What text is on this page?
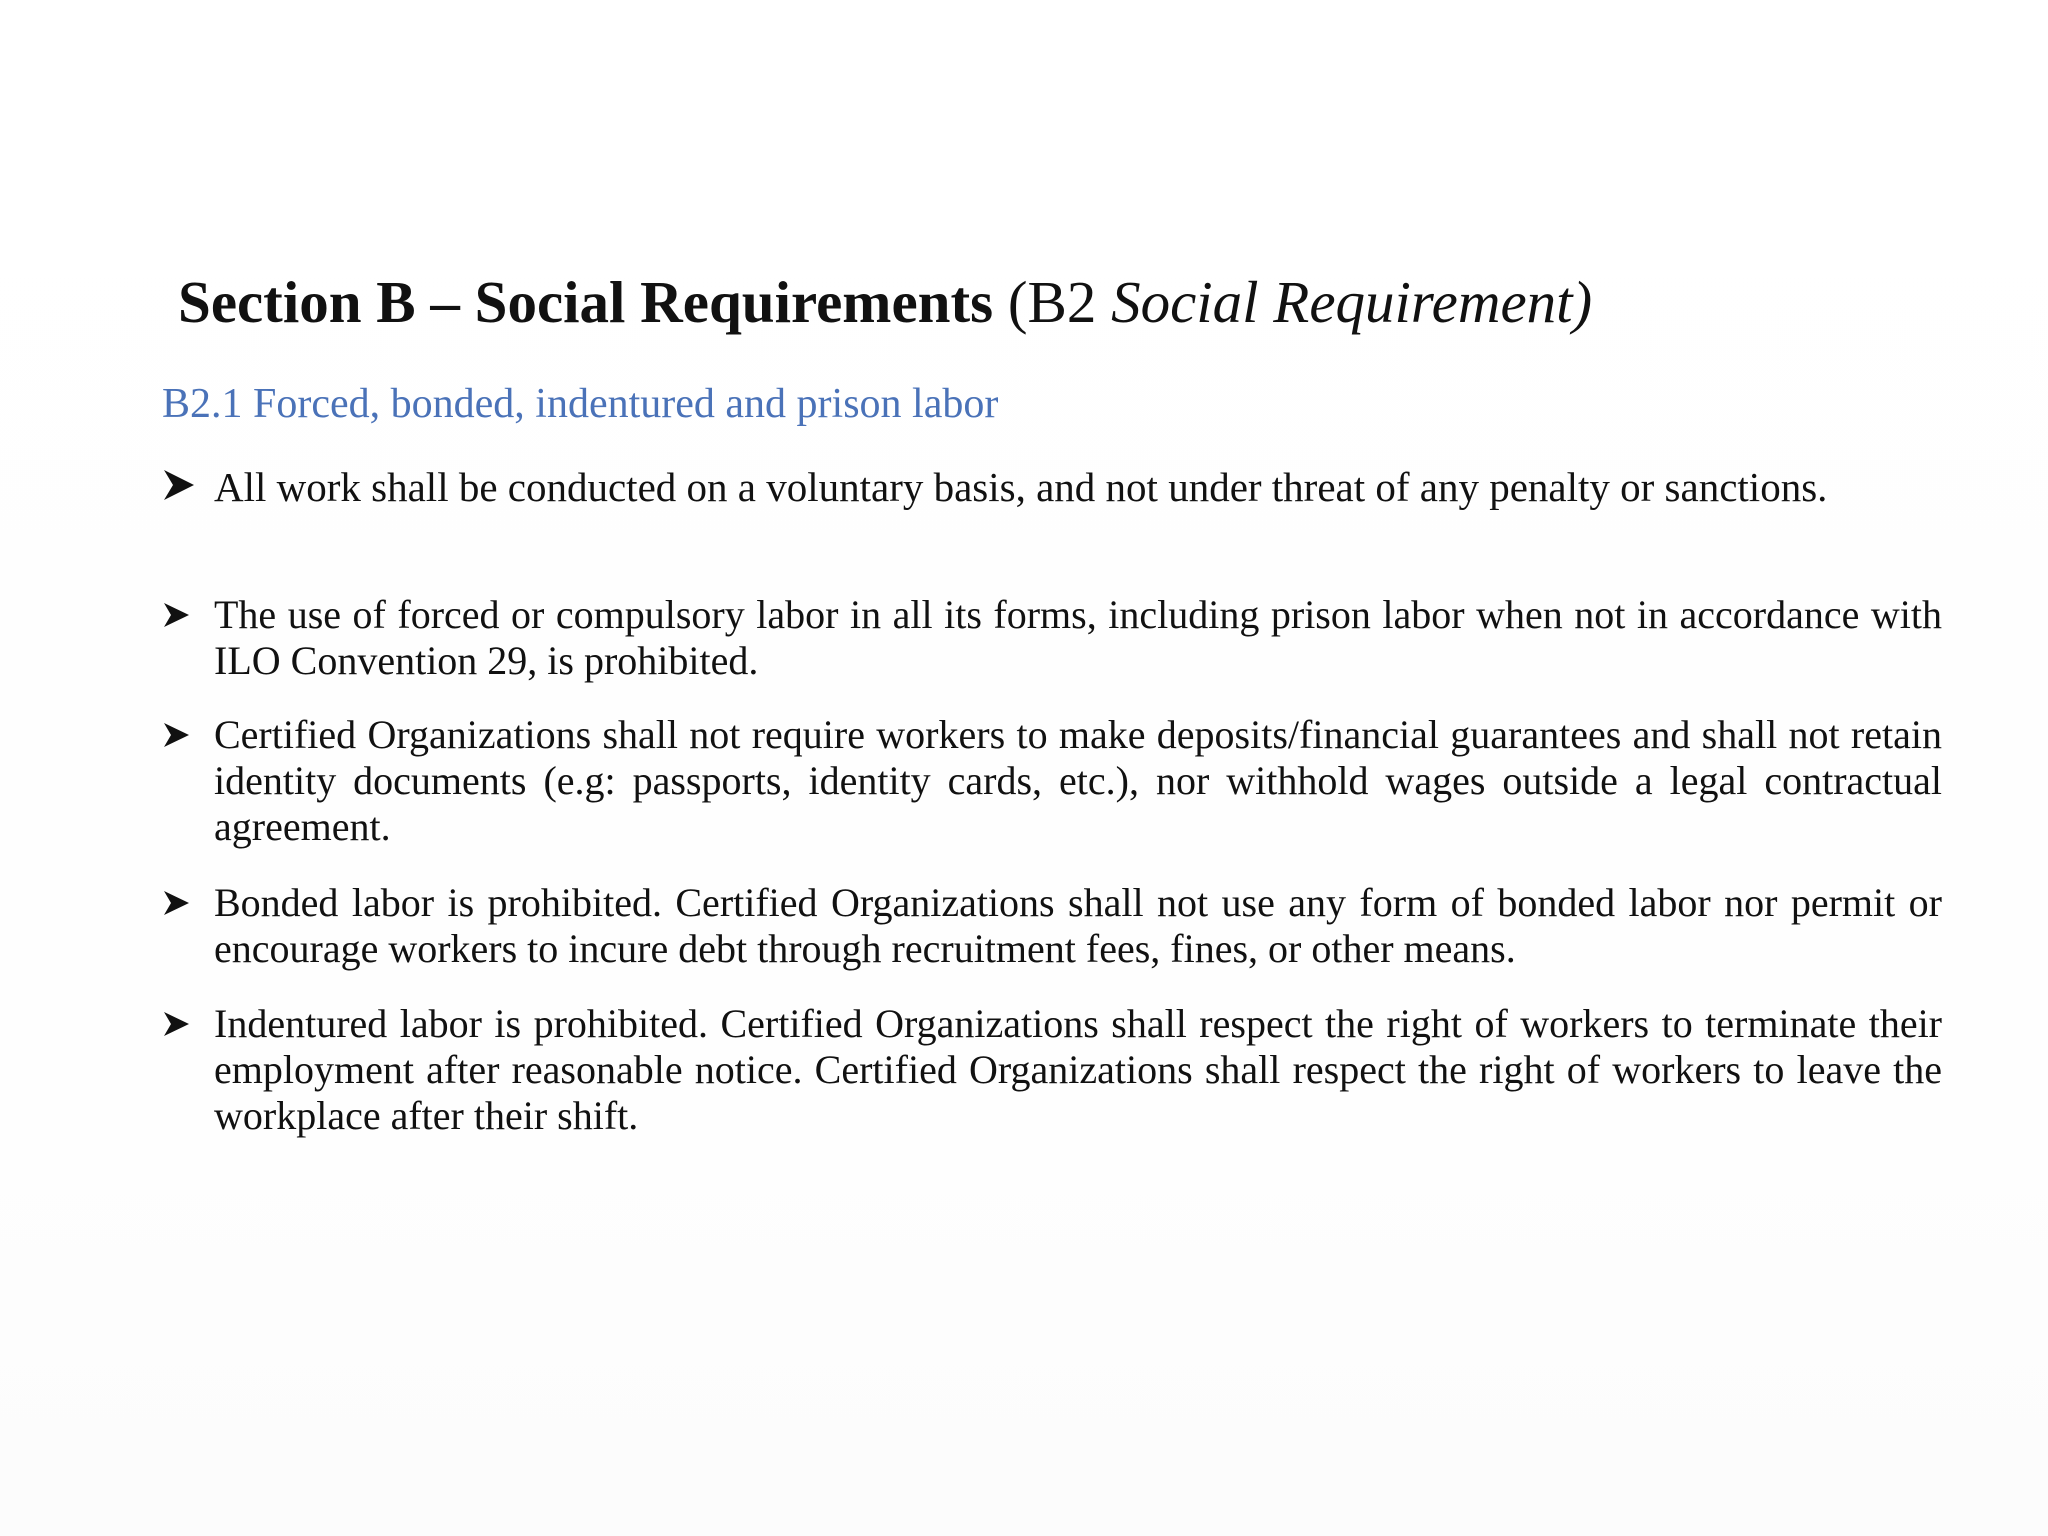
Section B – Social Requirements (B2 Social Requirement)
B2.1 Forced, bonded, indentured and prison labor
All work shall be conducted on a voluntary basis, and not under threat of any penalty or sanctions.
The use of forced or compulsory labor in all its forms, including prison labor when not in accordance with ILO Convention 29, is prohibited.
Certified Organizations shall not require workers to make deposits/financial guarantees and shall not retain identity documents (e.g: passports, identity cards, etc.), nor withhold wages outside a legal contractual agreement.
Bonded labor is prohibited. Certified Organizations shall not use any form of bonded labor nor permit or encourage workers to incure debt through recruitment fees, fines, or other means.
Indentured labor is prohibited. Certified Organizations shall respect the right of workers to terminate their employment after reasonable notice. Certified Organizations shall respect the right of workers to leave the workplace after their shift.
